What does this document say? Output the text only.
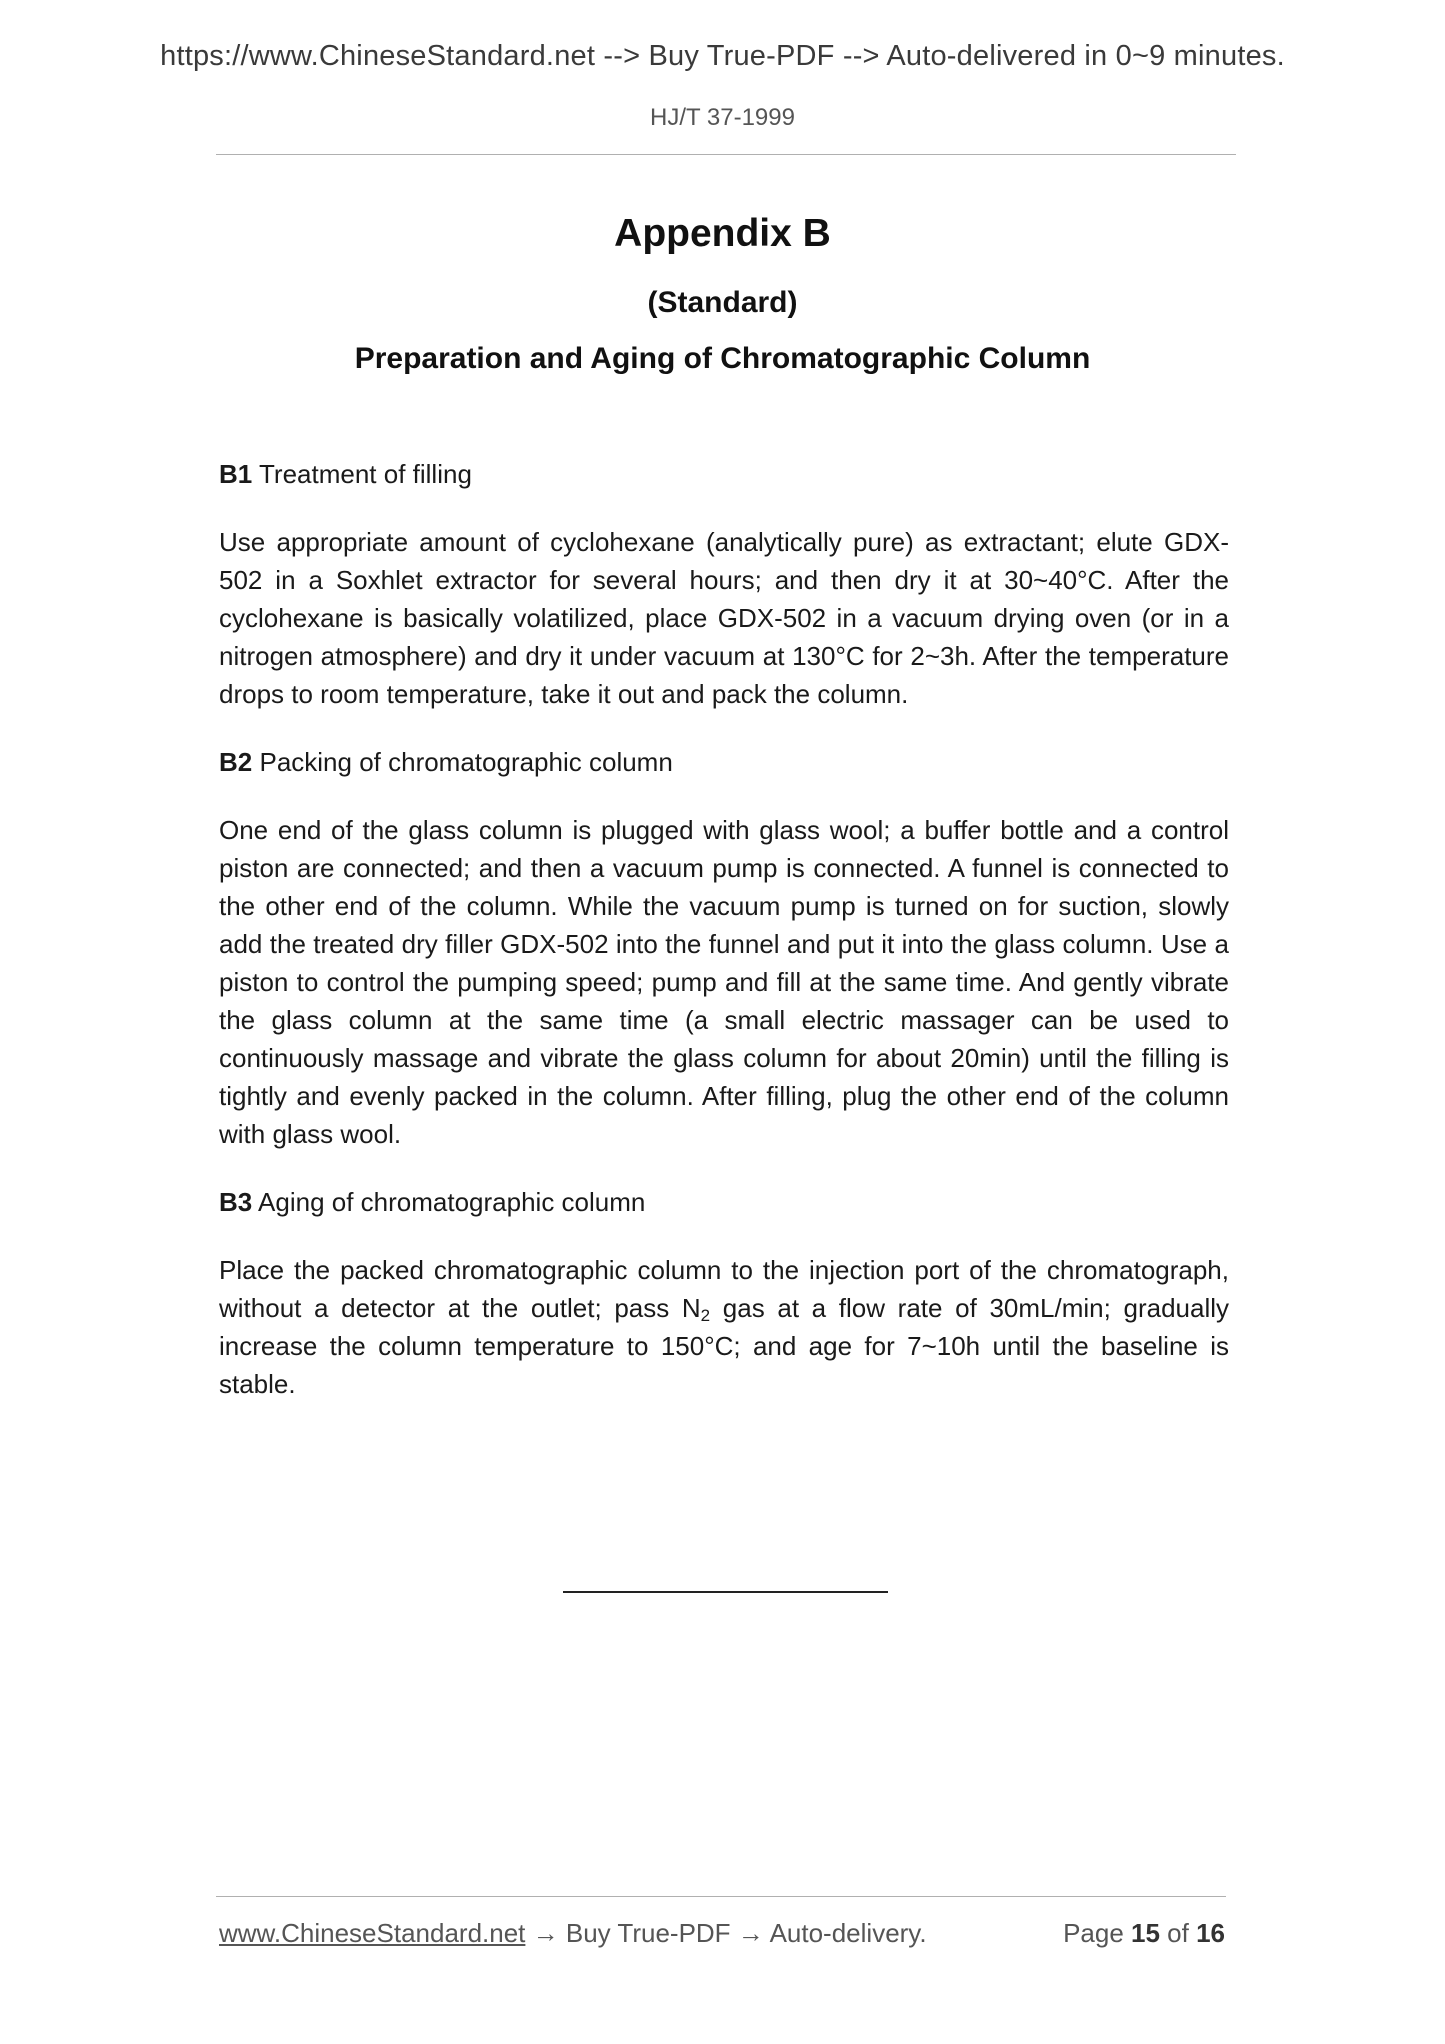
https://www.ChineseStandard.net --> Buy True-PDF --> Auto-delivered in 0~9 minutes.
HJ/T 37-1999
Appendix B
(Standard)
Preparation and Aging of Chromatographic Column

B1 Treatment of filling

Use appropriate amount of cyclohexane (analytically pure) as extractant; elute GDX-502 in a Soxhlet extractor for several hours; and then dry it at 30~40°C. After the cyclohexane is basically volatilized, place GDX-502 in a vacuum drying oven (or in a nitrogen atmosphere) and dry it under vacuum at 130°C for 2~3h. After the temperature drops to room temperature, take it out and pack the column.

B2 Packing of chromatographic column

One end of the glass column is plugged with glass wool; a buffer bottle and a control piston are connected; and then a vacuum pump is connected. A funnel is connected to the other end of the column. While the vacuum pump is turned on for suction, slowly add the treated dry filler GDX-502 into the funnel and put it into the glass column. Use a piston to control the pumping speed; pump and fill at the same time. And gently vibrate the glass column at the same time (a small electric massager can be used to continuously massage and vibrate the glass column for about 20min) until the filling is tightly and evenly packed in the column. After filling, plug the other end of the column with glass wool.

B3 Aging of chromatographic column

Place the packed chromatographic column to the injection port of the chromatograph, without a detector at the outlet; pass $N_2$ gas at a flow rate of 30mL/min; gradually increase the column temperature to 150°C; and age for 7~10h until the baseline is stable.

www.ChineseStandard.net → Buy True-PDF → Auto-delivery.	Page 15 of 16
